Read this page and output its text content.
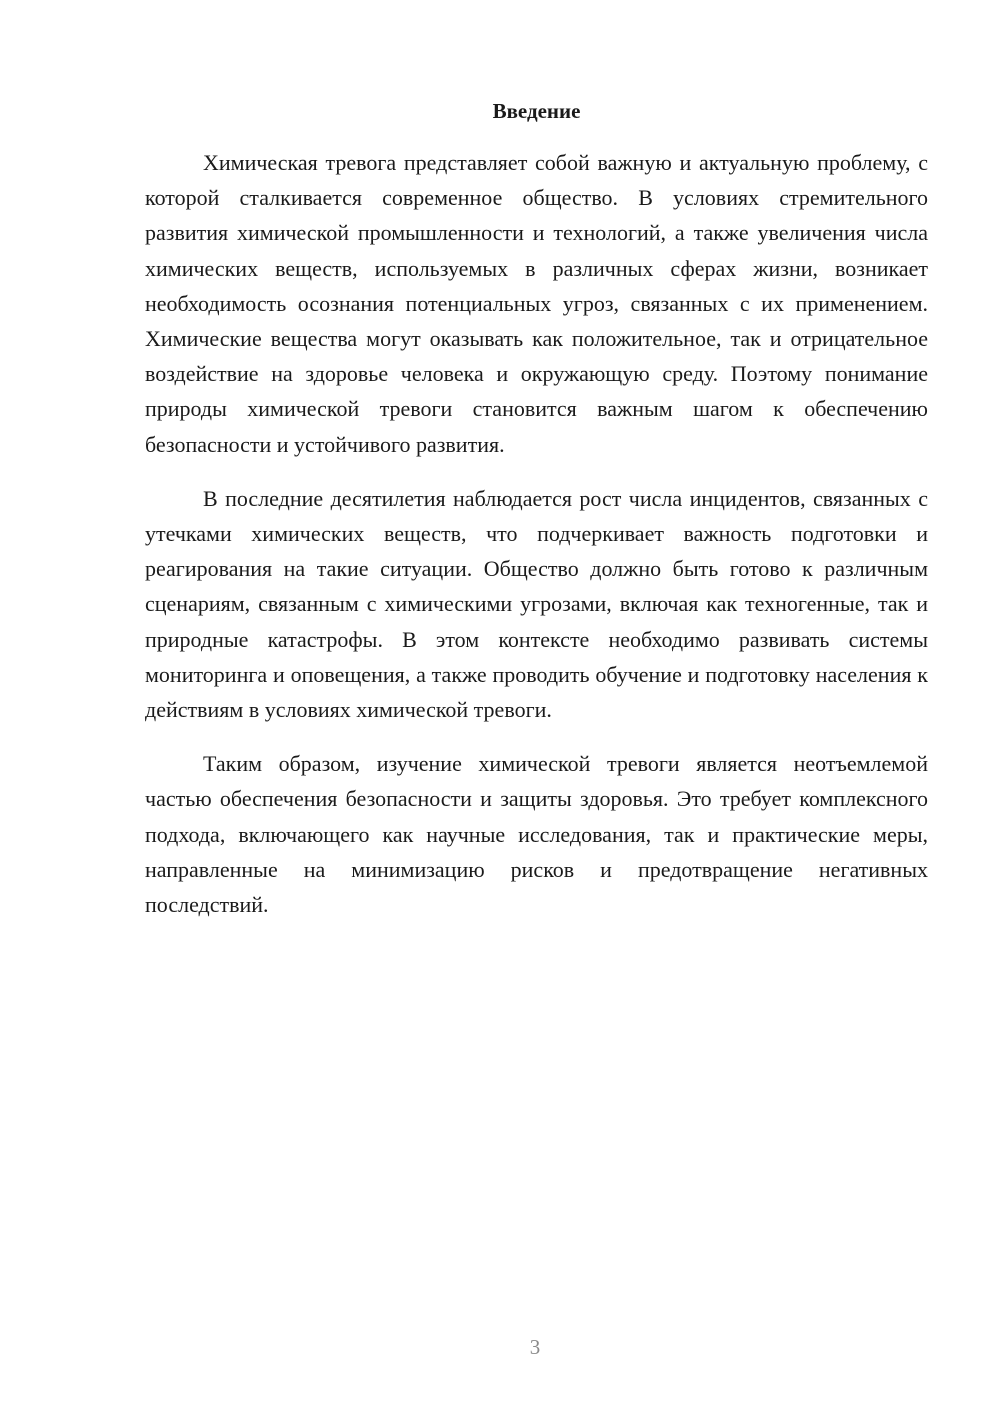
Введение

Химическая тревога представляет собой важную и актуальную проблему, с которой сталкивается современное общество. В условиях стремительного развития химической промышленности и технологий, а также увеличения числа химических веществ, используемых в различных сферах жизни, возникает необходимость осознания потенциальных угроз, связанных с их применением. Химические вещества могут оказывать как положительное, так и отрицательное воздействие на здоровье человека и окружающую среду. Поэтому понимание природы химической тревоги становится важным шагом к обеспечению безопасности и устойчивого развития.

В последние десятилетия наблюдается рост числа инцидентов, связанных с утечками химических веществ, что подчеркивает важность подготовки и реагирования на такие ситуации. Общество должно быть готово к различным сценариям, связанным с химическими угрозами, включая как техногенные, так и природные катастрофы. В этом контексте необходимо развивать системы мониторинга и оповещения, а также проводить обучение и подготовку населения к действиям в условиях химической тревоги.

Таким образом, изучение химической тревоги является неотъемлемой частью обеспечения безопасности и защиты здоровья. Это требует комплексного подхода, включающего как научные исследования, так и практические меры, направленные на минимизацию рисков и предотвращение негативных последствий.

3
